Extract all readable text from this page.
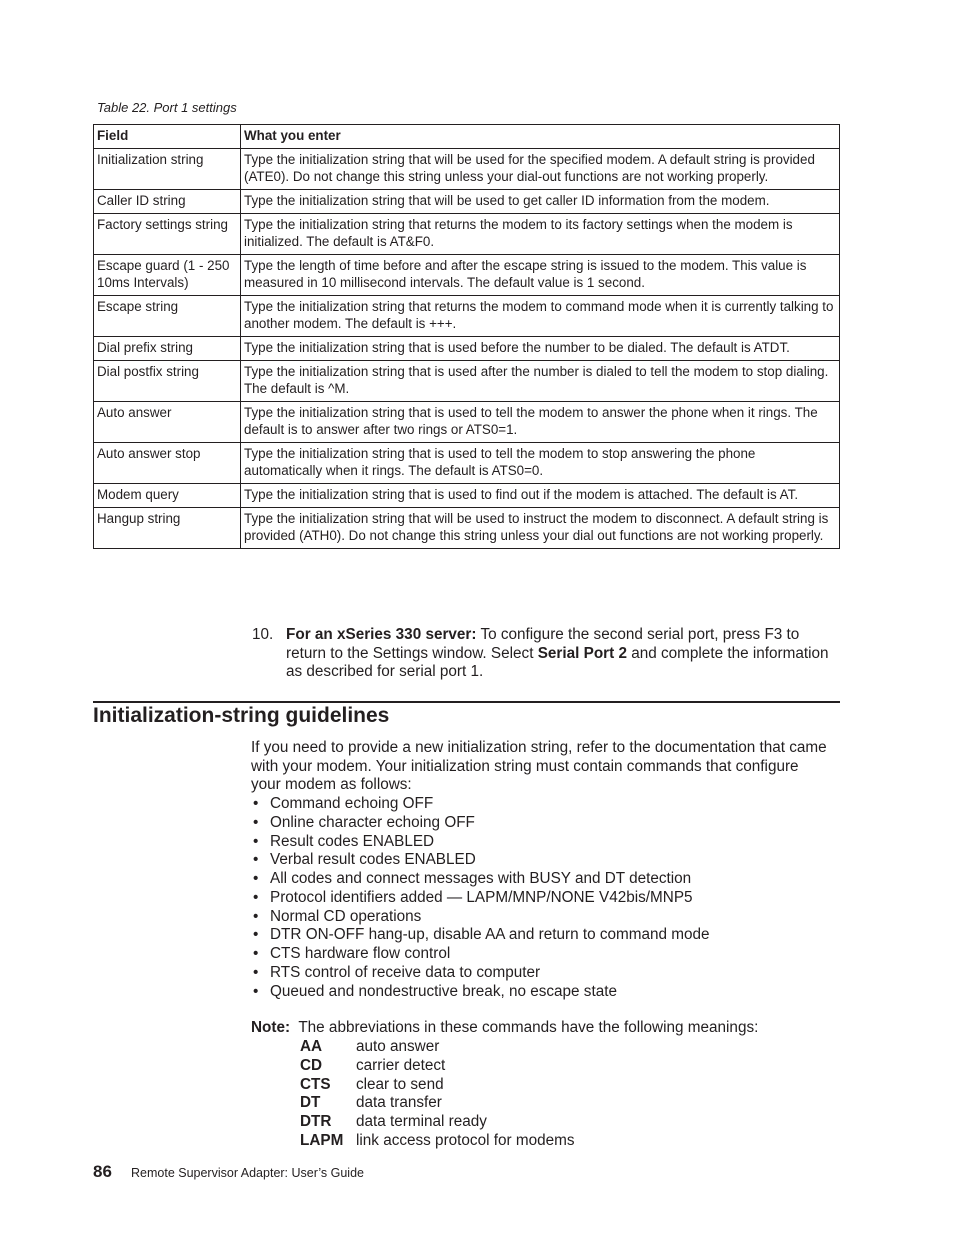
Table 22. Port 1 settings
Field	What you enter
Initialization string	Type the initialization string that will be used for the specified modem. A default string is provided (ATE0). Do not change this string unless your dial-out functions are not working properly.
Caller ID string	Type the initialization string that will be used to get caller ID information from the modem.
Factory settings string	Type the initialization string that returns the modem to its factory settings when the modem is initialized. The default is AT&F0.
Escape guard (1 - 250 10ms Intervals)	Type the length of time before and after the escape string is issued to the modem. This value is measured in 10 millisecond intervals. The default value is 1 second.
Escape string	Type the initialization string that returns the modem to command mode when it is currently talking to another modem. The default is +++.
Dial prefix string	Type the initialization string that is used before the number to be dialed. The default is ATDT.
Dial postfix string	Type the initialization string that is used after the number is dialed to tell the modem to stop dialing. The default is ^M.
Auto answer	Type the initialization string that is used to tell the modem to answer the phone when it rings. The default is to answer after two rings or ATS0=1.
Auto answer stop	Type the initialization string that is used to tell the modem to stop answering the phone automatically when it rings. The default is ATS0=0.
Modem query	Type the initialization string that is used to find out if the modem is attached. The default is AT.
Hangup string	Type the initialization string that will be used to instruct the modem to disconnect. A default string is provided (ATH0). Do not change this string unless your dial out functions are not working properly.
10. For an xSeries 330 server: To configure the second serial port, press F3 to return to the Settings window. Select Serial Port 2 and complete the information as described for serial port 1.
Initialization-string guidelines
If you need to provide a new initialization string, refer to the documentation that came with your modem. Your initialization string must contain commands that configure your modem as follows:
• Command echoing OFF
• Online character echoing OFF
• Result codes ENABLED
• Verbal result codes ENABLED
• All codes and connect messages with BUSY and DT detection
• Protocol identifiers added — LAPM/MNP/NONE V42bis/MNP5
• Normal CD operations
• DTR ON-OFF hang-up, disable AA and return to command mode
• CTS hardware flow control
• RTS control of receive data to computer
• Queued and nondestructive break, no escape state
Note: The abbreviations in these commands have the following meanings:
AA	auto answer
CD	carrier detect
CTS	clear to send
DT	data transfer
DTR	data terminal ready
LAPM link access protocol for modems
86 Remote Supervisor Adapter: User’s Guide
